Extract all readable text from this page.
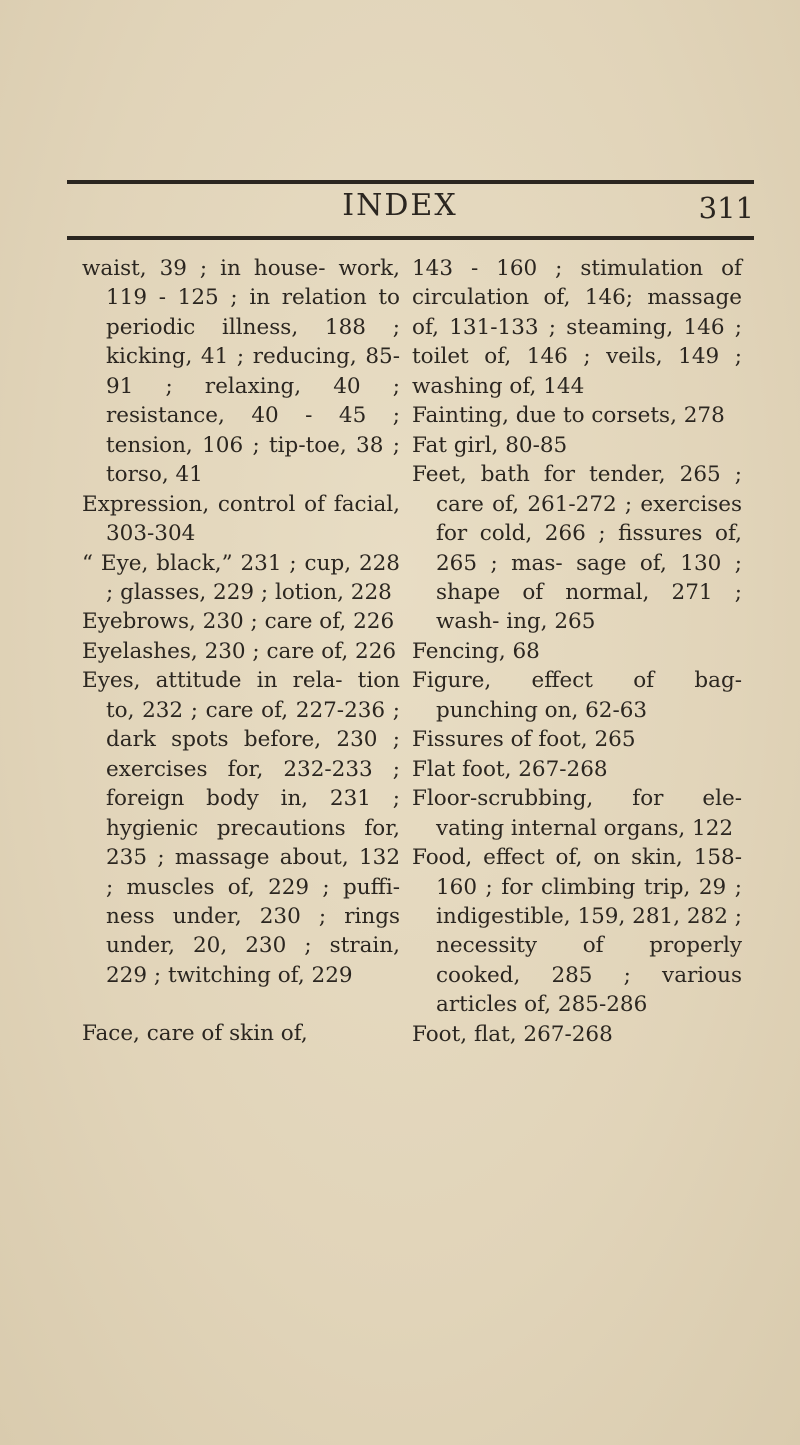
INDEX	311

waist, 39 ; in house- work, 119 - 125 ; in relation to periodic illness, 188 ; kicking, 41 ; reducing, 85- 91 ; relaxing, 40 ; resistance, 40 - 45 ; tension, 106 ; tip-toe, 38 ; torso, 41

Expression, control of facial, 303-304

“ Eye, black,” 231 ; cup, 228 ; glasses, 229 ; lotion, 228

Eyebrows, 230 ; care of, 226

Eyelashes, 230 ; care of, 226

Eyes, attitude in rela- tion to, 232 ; care of, 227-236 ; dark spots before, 230 ; exercises for, 232-233 ; foreign body in, 231 ; hygienic precautions for, 235 ; massage about, 132 ; muscles of, 229 ; puffi- ness under, 230 ; rings under, 20, 230 ; strain, 229 ; twitching of, 229

Face, care of skin of,

143 - 160 ; stimulation of circulation of, 146; massage of, 131-133 ; steaming, 146 ; toilet of, 146 ; veils, 149 ; washing of, 144

Fainting, due to corsets, 278

Fat girl, 80-85

Feet, bath for tender, 265 ; care of, 261-272 ; exercises for cold, 266 ; fissures of, 265 ; mas- sage of, 130 ; shape of normal, 271 ; wash- ing, 265

Fencing, 68

Figure, effect of bag- punching on, 62-63

Fissures of foot, 265

Flat foot, 267-268

Floor-scrubbing, for ele- vating internal organs, 122

Food, effect of, on skin, 158-160 ; for climbing trip, 29 ; indigestible, 159, 281, 282 ; necessity of properly cooked, 285 ; various articles of, 285-286

Foot, flat, 267-268
